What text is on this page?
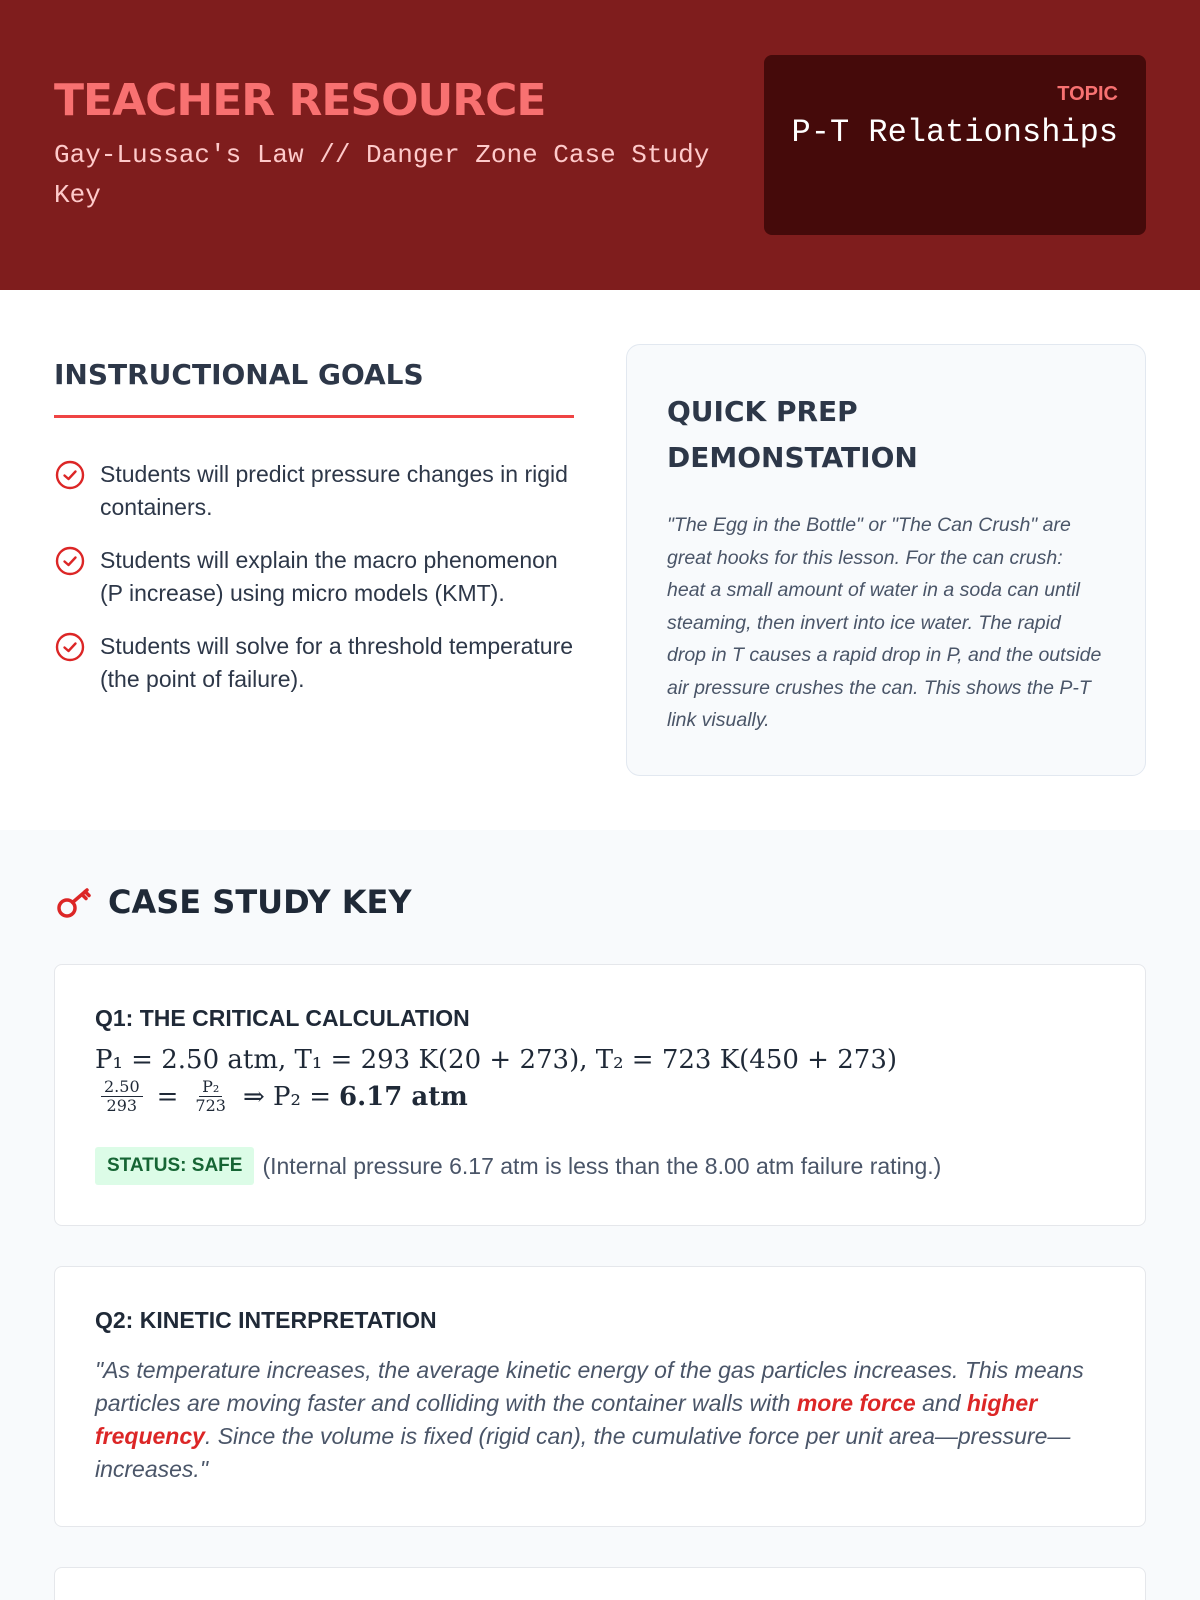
TEACHER RESOURCE
Gay-Lussac's Law // Danger Zone Case Study Key
TOPIC
P-T Relationships
INSTRUCTIONAL GOALS
Students will predict pressure changes in rigid containers.
Students will explain the macro phenomenon (P increase) using micro models (KMT).
Students will solve for a threshold temperature (the point of failure).
QUICK PREP DEMONSTATION

"The Egg in the Bottle" or "The Can Crush" are great hooks for this lesson. For the can crush: heat a small amount of water in a soda can until steaming, then invert into ice water. The rapid drop in T causes a rapid drop in P, and the outside air pressure crushes the can. This shows the P-T link visually.

CASE STUDY KEY
Q1: THE CRITICAL CALCULATION
P₁ = 2.50 atm, T₁ = 293 K(20 + 273), T₂ = 723 K(450 + 273)
$\frac{2.50}{293} = \frac{\text{P₂}}{723}$ ⇒ P₂ = 6.17 atm
STATUS: SAFE (Internal pressure 6.17 atm is less than the 8.00 atm failure rating.)
Q2: KINETIC INTERPRETATION

"As temperature increases, the average kinetic energy of the gas particles increases. This means particles are moving faster and colliding with the container walls with more force and higher frequency. Since the volume is fixed (rigid can), the cumulative force per unit area—pressure—increases."
